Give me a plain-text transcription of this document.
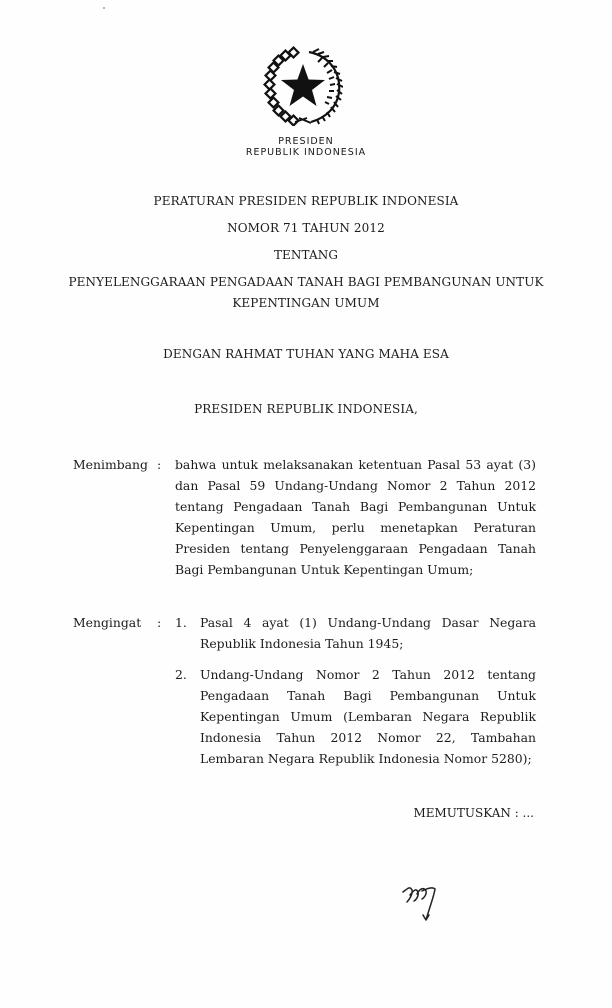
PRESIDEN
REPUBLIK INDONESIA
PERATURAN PRESIDEN REPUBLIK INDONESIA
NOMOR 71 TAHUN 2012
TENTANG
PENYELENGGARAAN PENGADAAN TANAH BAGI PEMBANGUNAN UNTUK
KEPENTINGAN UMUM
DENGAN RAHMAT TUHAN YANG MAHA ESA
PRESIDEN REPUBLIK INDONESIA,
Menimbang : bahwa untuk melaksanakan ketentuan Pasal 53 ayat (3) dan Pasal 59 Undang-Undang Nomor 2 Tahun 2012 tentang Pengadaan Tanah Bagi Pembangunan Untuk Kepentingan Umum, perlu menetapkan Peraturan Presiden tentang Penyelenggaraan Pengadaan Tanah Bagi Pembangunan Untuk Kepentingan Umum;
Mengingat : 1. Pasal 4 ayat (1) Undang-Undang Dasar Negara Republik Indonesia Tahun 1945;
2. Undang-Undang Nomor 2 Tahun 2012 tentang Pengadaan Tanah Bagi Pembangunan Untuk Kepentingan Umum (Lembaran Negara Republik Indonesia Tahun 2012 Nomor 22, Tambahan Lembaran Negara Republik Indonesia Nomor 5280);
MEMUTUSKAN : ...
